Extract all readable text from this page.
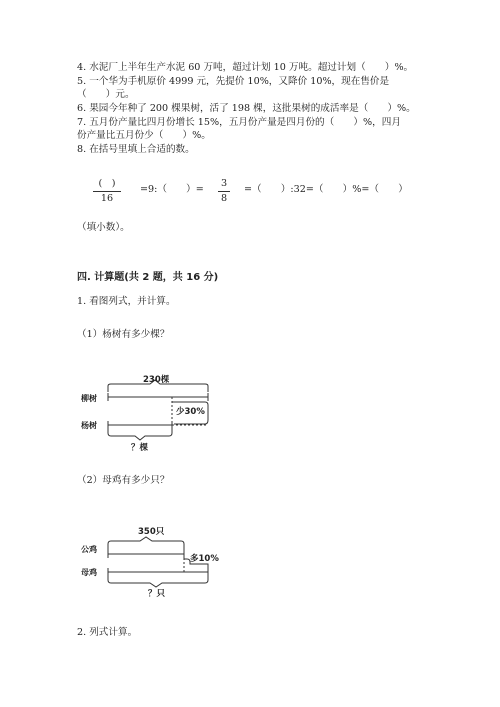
4. 水泥厂上半年生产水泥 60 万吨，超过计划 10 万吨。超过计划（　　）%。
5. 一个华为手机原价 4999 元，先提价 10%，又降价 10%，现在售价是
（　　）元。
6. 果园今年种了 200 棵果树，活了 198 棵，这批果树的成活率是（　　）%。
7. 五月份产量比四月份增长 15%，五月份产量是四月份的（　　）%，四月
份产量比五月份少（　　）%。
8. 在括号里填上合适的数。
(　)
16
=9:（　　）=
3
8
=（　　）:32=（　　）%=（　　）
（填小数）。
四. 计算题(共 2 题，共 16 分)
1. 看图列式，并计算。
（1）杨树有多少棵？
230棵
柳树
杨树
少30%
？棵
（2）母鸡有多少只？
350只
公鸡
母鸡
多10%
？只
2. 列式计算。
